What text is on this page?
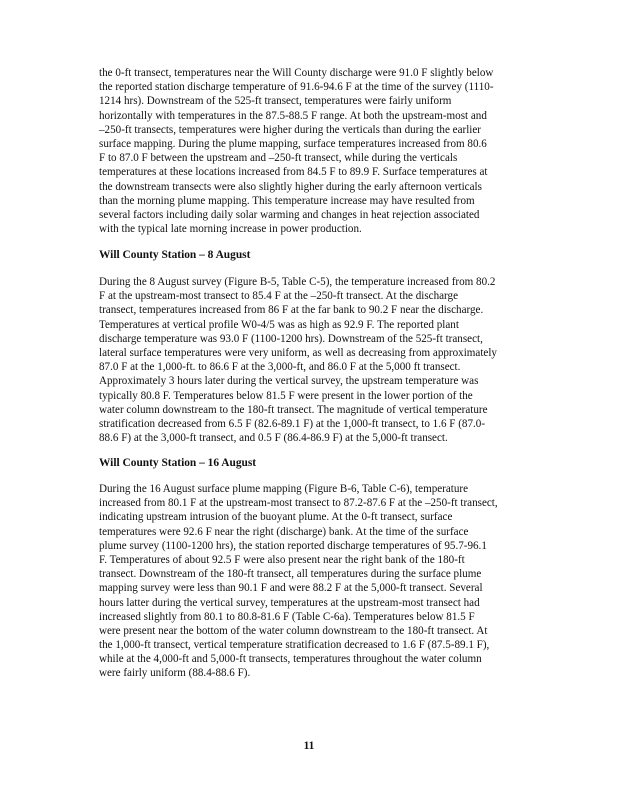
the 0-ft transect, temperatures near the Will County discharge were 91.0 F slightly below
the reported station discharge temperature of 91.6-94.6 F at the time of the survey (1110-
1214 hrs). Downstream of the 525-ft transect, temperatures were fairly uniform
horizontally with temperatures in the 87.5-88.5 F range. At both the upstream-most and
–250-ft transects, temperatures were higher during the verticals than during the earlier
surface mapping. During the plume mapping, surface temperatures increased from 80.6
F to 87.0 F between the upstream and –250-ft transect, while during the verticals
temperatures at these locations increased from 84.5 F to 89.9 F. Surface temperatures at
the downstream transects were also slightly higher during the early afternoon verticals
than the morning plume mapping. This temperature increase may have resulted from
several factors including daily solar warming and changes in heat rejection associated
with the typical late morning increase in power production.
Will County Station – 8 August
During the 8 August survey (Figure B-5, Table C-5), the temperature increased from 80.2
F at the upstream-most transect to 85.4 F at the –250-ft transect. At the discharge
transect, temperatures increased from 86 F at the far bank to 90.2 F near the discharge.
Temperatures at vertical profile W0-4/5 was as high as 92.9 F. The reported plant
discharge temperature was 93.0 F (1100-1200 hrs). Downstream of the 525-ft transect,
lateral surface temperatures were very uniform, as well as decreasing from approximately
87.0 F at the 1,000-ft. to 86.6 F at the 3,000-ft, and 86.0 F at the 5,000 ft transect.
Approximately 3 hours later during the vertical survey, the upstream temperature was
typically 80.8 F. Temperatures below 81.5 F were present in the lower portion of the
water column downstream to the 180-ft transect. The magnitude of vertical temperature
stratification decreased from 6.5 F (82.6-89.1 F) at the 1,000-ft transect, to 1.6 F (87.0-
88.6 F) at the 3,000-ft transect, and 0.5 F (86.4-86.9 F) at the 5,000-ft transect.
Will County Station – 16 August
During the 16 August surface plume mapping (Figure B-6, Table C-6), temperature
increased from 80.1 F at the upstream-most transect to 87.2-87.6 F at the –250-ft transect,
indicating upstream intrusion of the buoyant plume. At the 0-ft transect, surface
temperatures were 92.6 F near the right (discharge) bank. At the time of the surface
plume survey (1100-1200 hrs), the station reported discharge temperatures of 95.7-96.1
F. Temperatures of about 92.5 F were also present near the right bank of the 180-ft
transect. Downstream of the 180-ft transect, all temperatures during the surface plume
mapping survey were less than 90.1 F and were 88.2 F at the 5,000-ft transect. Several
hours latter during the vertical survey, temperatures at the upstream-most transect had
increased slightly from 80.1 to 80.8-81.6 F (Table C-6a). Temperatures below 81.5 F
were present near the bottom of the water column downstream to the 180-ft transect. At
the 1,000-ft transect, vertical temperature stratification decreased to 1.6 F (87.5-89.1 F),
while at the 4,000-ft and 5,000-ft transects, temperatures throughout the water column
were fairly uniform (88.4-88.6 F).
11
